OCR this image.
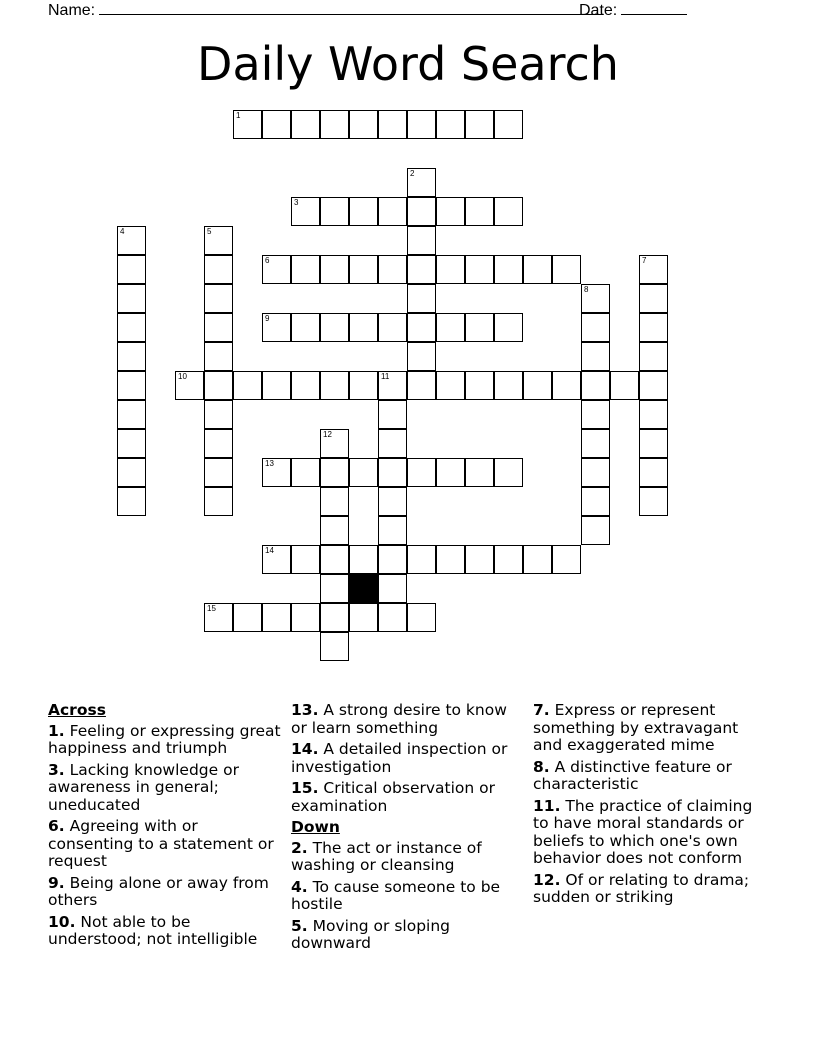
Name:	Date:
Daily Word Search
1
2
3
4	5
6	7
8
9
10	11
12
13
14
15
Across
1. Feeling or expressing great happiness and triumph
3. Lacking knowledge or awareness in general; uneducated
6. Agreeing with or consenting to a statement or request
9. Being alone or away from others
10. Not able to be understood; not intelligible
13. A strong desire to know or learn something
14. A detailed inspection or investigation
15. Critical observation or examination
Down
2. The act or instance of washing or cleansing
4. To cause someone to be hostile
5. Moving or sloping downward
7. Express or represent something by extravagant and exaggerated mime
8. A distinctive feature or characteristic
11. The practice of claiming to have moral standards or beliefs to which one's own behavior does not conform
12. Of or relating to drama; sudden or striking
